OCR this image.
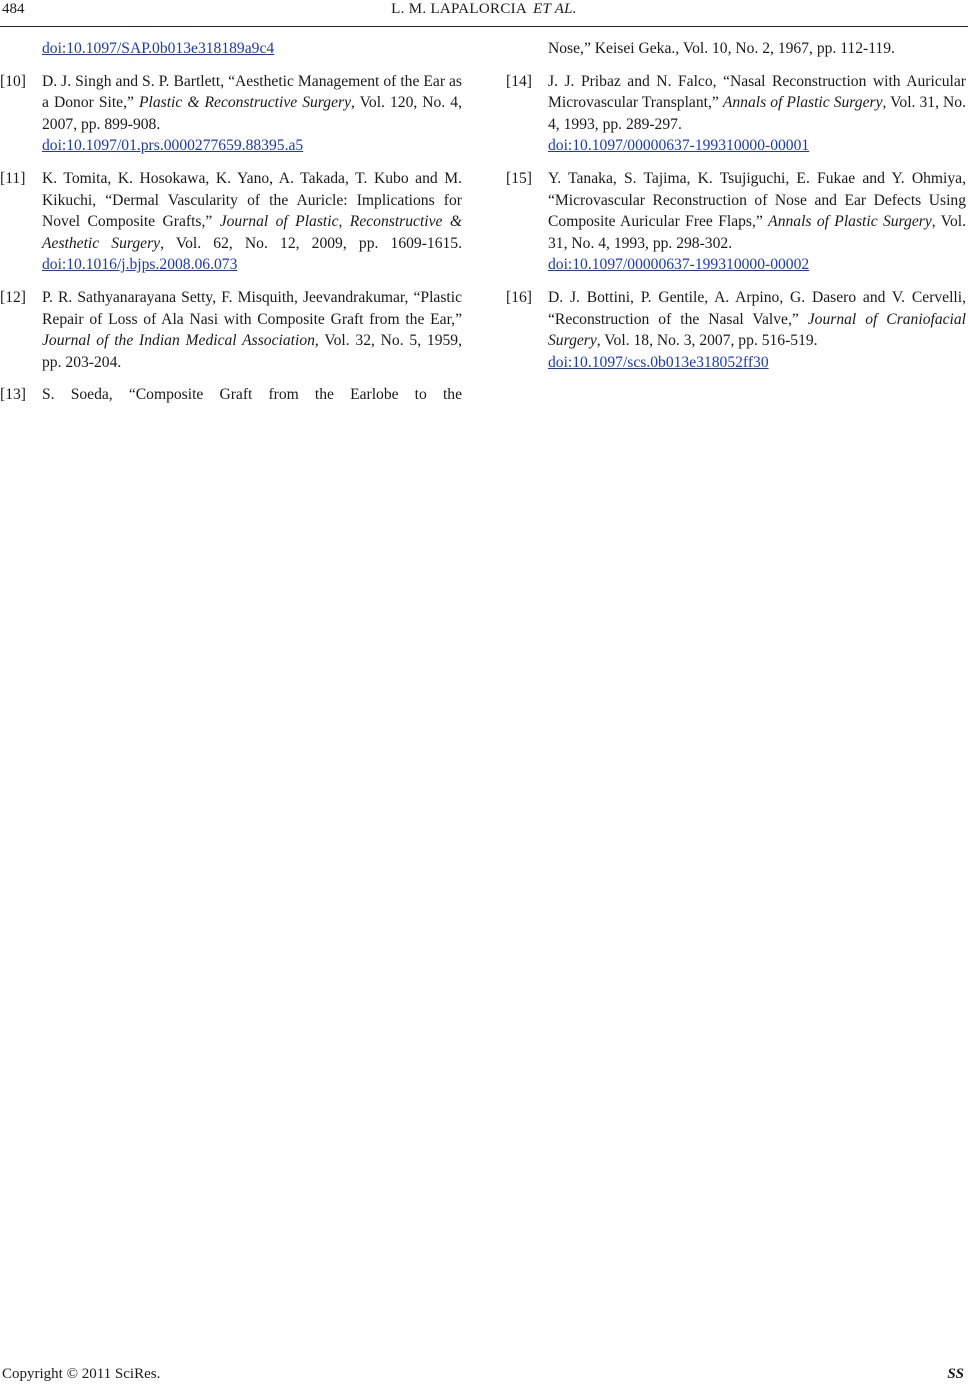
484	L. M. LAPALORCIA ET AL.
doi:10.1097/SAP.0b013e318189a9c4
[10] D. J. Singh and S. P. Bartlett, “Aesthetic Management of the Ear as a Donor Site,” Plastic & Reconstructive Surgery, Vol. 120, No. 4, 2007, pp. 899-908.
doi:10.1097/01.prs.0000277659.88395.a5
[11] K. Tomita, K. Hosokawa, K. Yano, A. Takada, T. Kubo and M. Kikuchi, “Dermal Vascularity of the Auricle: Implications for Novel Composite Grafts,” Journal of Plastic, Reconstructive & Aesthetic Surgery, Vol. 62, No. 12, 2009, pp. 1609-1615. doi:10.1016/j.bjps.2008.06.073
[12] P. R. Sathyanarayana Setty, F. Misquith, Jeevandrakumar, “Plastic Repair of Loss of Ala Nasi with Composite Graft from the Ear,” Journal of the Indian Medical Association, Vol. 32, No. 5, 1959, pp. 203-204.
[13] S. Soeda, “Composite Graft from the Earlobe to the
Nose,” Keisei Geka., Vol. 10, No. 2, 1967, pp. 112-119.
[14] J. J. Pribaz and N. Falco, “Nasal Reconstruction with Auricular Microvascular Transplant,” Annals of Plastic Surgery, Vol. 31, No. 4, 1993, pp. 289-297.
doi:10.1097/00000637-199310000-00001
[15] Y. Tanaka, S. Tajima, K. Tsujiguchi, E. Fukae and Y. Ohmiya, “Microvascular Reconstruction of Nose and Ear Defects Using Composite Auricular Free Flaps,” Annals of Plastic Surgery, Vol. 31, No. 4, 1993, pp. 298-302.
doi:10.1097/00000637-199310000-00002
[16] D. J. Bottini, P. Gentile, A. Arpino, G. Dasero and V. Cervelli, “Reconstruction of the Nasal Valve,” Journal of Craniofacial Surgery, Vol. 18, No. 3, 2007, pp. 516-519.
doi:10.1097/scs.0b013e318052ff30
Copyright © 2011 SciRes.	SS
